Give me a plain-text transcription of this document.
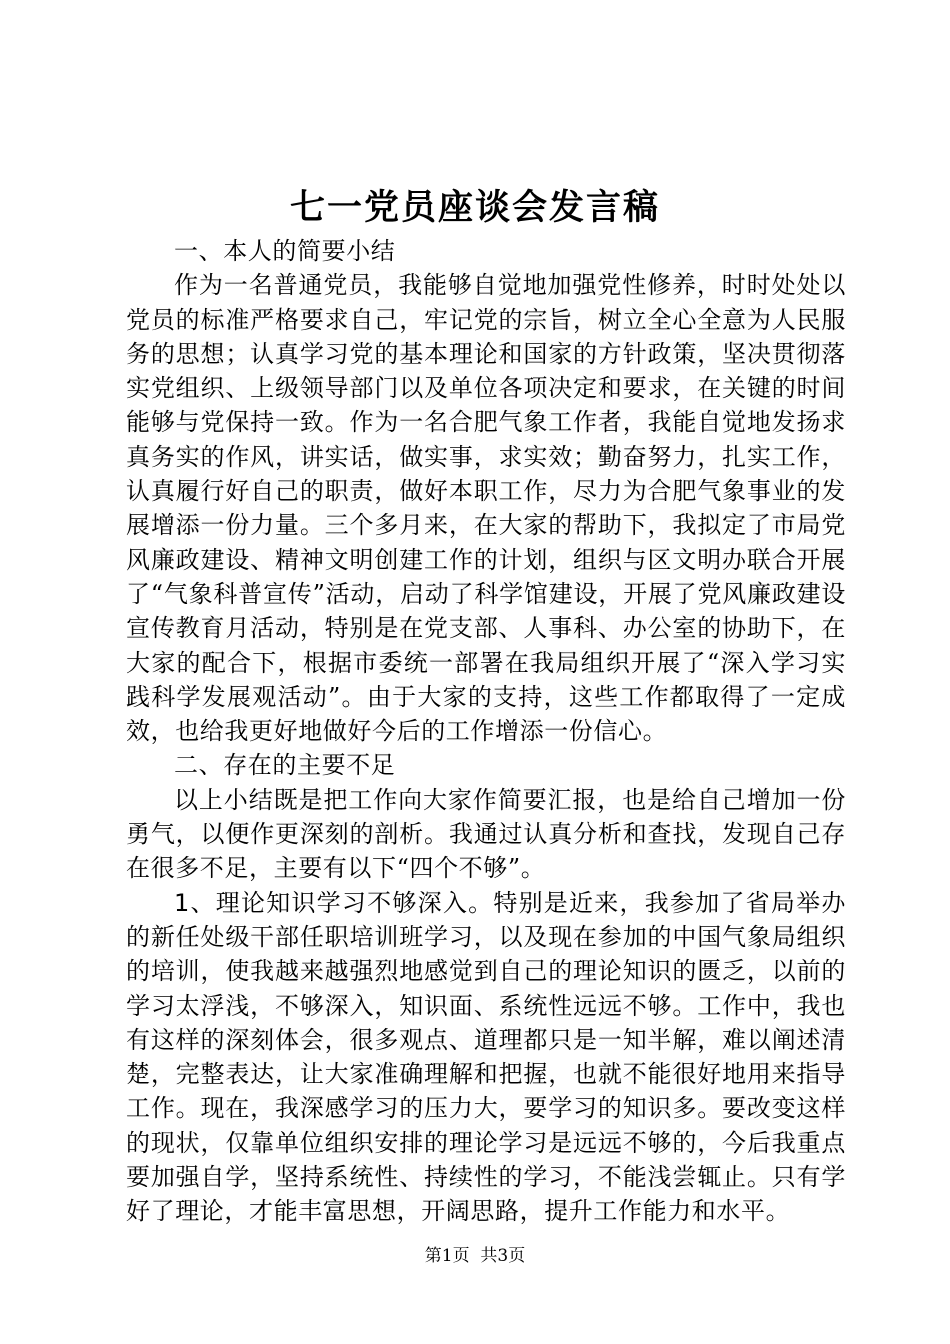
七一党员座谈会发言稿

一、本人的简要小结

作为一名普通党员，我能够自觉地加强党性修养，时时处处以党员的标准严格要求自己，牢记党的宗旨，树立全心全意为人民服务的思想；认真学习党的基本理论和国家的方针政策，坚决贯彻落实党组织、上级领导部门以及单位各项决定和要求，在关键的时间能够与党保持一致。作为一名合肥气象工作者，我能自觉地发扬求真务实的作风，讲实话，做实事，求实效；勤奋努力，扎实工作，认真履行好自己的职责，做好本职工作，尽力为合肥气象事业的发展增添一份力量。三个多月来，在大家的帮助下，我拟定了市局党风廉政建设、精神文明创建工作的计划，组织与区文明办联合开展了“气象科普宣传”活动，启动了科学馆建设，开展了党风廉政建设宣传教育月活动，特别是在党支部、人事科、办公室的协助下，在大家的配合下，根据市委统一部署在我局组织开展了“深入学习实践科学发展观活动”。由于大家的支持，这些工作都取得了一定成效，也给我更好地做好今后的工作增添一份信心。

二、存在的主要不足

以上小结既是把工作向大家作简要汇报，也是给自己增加一份勇气，以便作更深刻的剖析。我通过认真分析和查找，发现自己存在很多不足，主要有以下“四个不够”。

1、理论知识学习不够深入。特别是近来，我参加了省局举办的新任处级干部任职培训班学习，以及现在参加的中国气象局组织的培训，使我越来越强烈地感觉到自己的理论知识的匮乏，以前的学习太浮浅，不够深入，知识面、系统性远远不够。工作中，我也有这样的深刻体会，很多观点、道理都只是一知半解，难以阐述清楚，完整表达，让大家准确理解和把握，也就不能很好地用来指导工作。现在，我深感学习的压力大，要学习的知识多。要改变这样的现状，仅靠单位组织安排的理论学习是远远不够的，今后我重点要加强自学，坚持系统性、持续性的学习，不能浅尝辄止。只有学好了理论，才能丰富思想，开阔思路，提升工作能力和水平。

第1页 共3页
